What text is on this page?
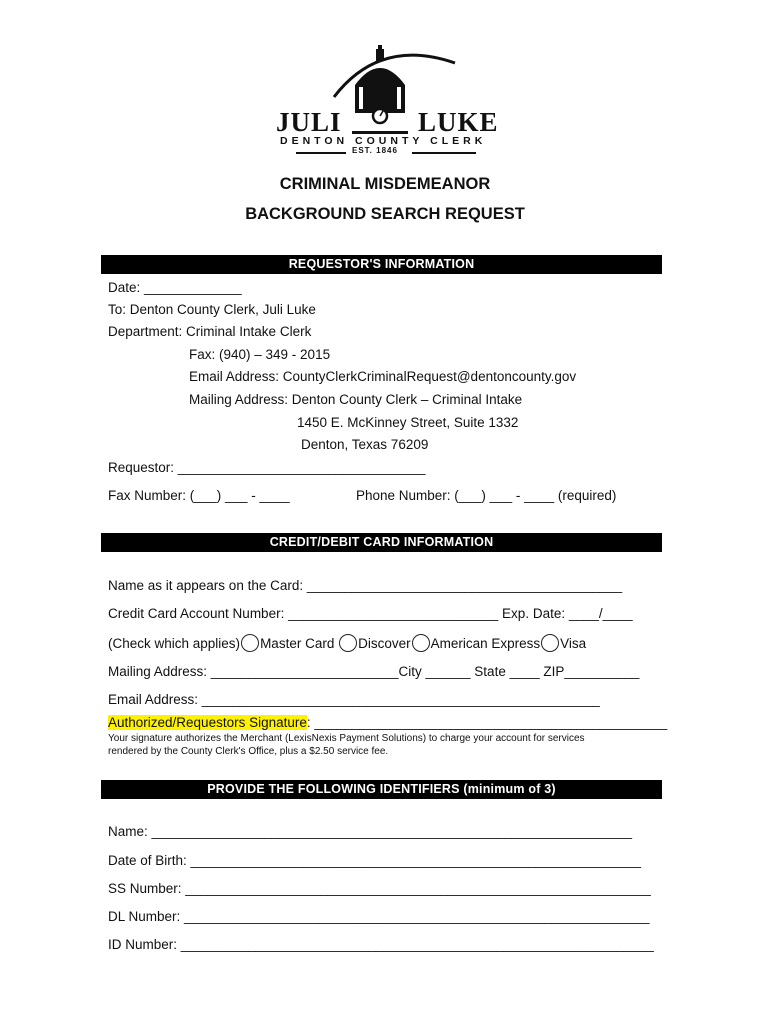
JULI	LUKE
DENTON COUNTY CLERK
EST. 1846
CRIMINAL MISDEMEANOR
BACKGROUND SEARCH REQUEST
REQUESTOR'S INFORMATION
Date: _____________
To: Denton County Clerk, Juli Luke
Department: Criminal Intake Clerk
Fax: (940) – 349 - 2015
Email Address: CountyClerkCriminalRequest@dentoncounty.gov
Mailing Address: Denton County Clerk – Criminal Intake
1450 E. McKinney Street, Suite 1332
Denton, Texas 76209
Requestor: _________________________________
Fax Number: (___) ___ - ____	Phone Number: (___) ___ - ____ (required)
CREDIT/DEBIT CARD INFORMATION
Name as it appears on the Card: __________________________________________
Credit Card Account Number: ____________________________ Exp. Date: ____/____
(Check which applies) Master Card Discover American Express Visa
Mailing Address: _________________________City ______ State ____ ZIP__________
Email Address: _____________________________________________________
Authorized/Requestors Signature: _______________________________________________
Your signature authorizes the Merchant (LexisNexis Payment Solutions) to charge your account for services
rendered by the County Clerk's Office, plus a $2.50 service fee.
PROVIDE THE FOLLOWING IDENTIFIERS (minimum of 3)
Name: ________________________________________________________________
Date of Birth: ____________________________________________________________
SS Number: ______________________________________________________________
DL Number: ______________________________________________________________
ID Number: _______________________________________________________________
